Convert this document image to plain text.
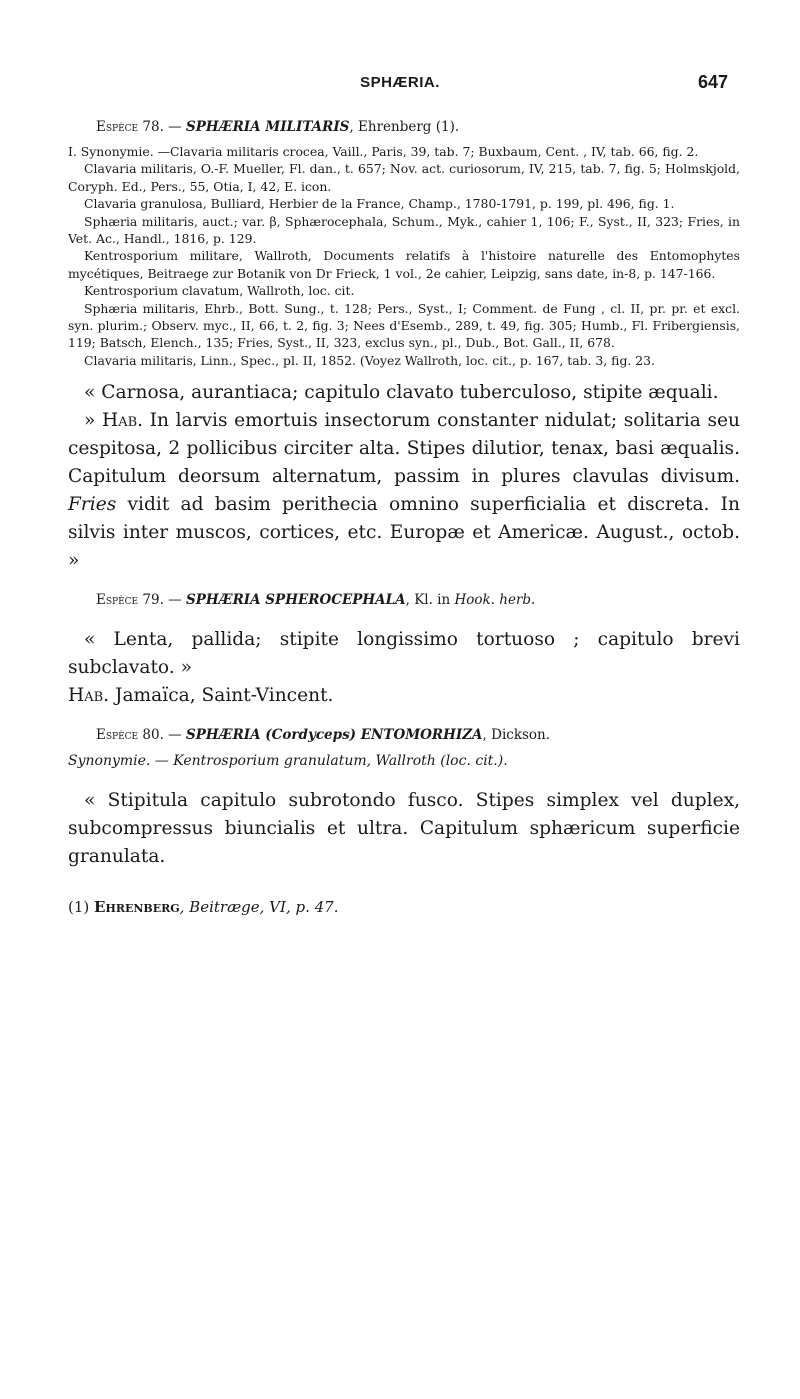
SPHÆRIA.	647

Espèce 78. — SPHÆRIA MILITARIS, Ehrenberg (1).

I. Synonymie. —Clavaria militaris crocea, Vaill., Paris, 39, tab. 7; Buxbaum, Cent. , IV, tab. 66, fig. 2.

Clavaria militaris, O.-F. Mueller, Fl. dan., t. 657; Nov. act. curiosorum, IV, 215, tab. 7, fig. 5; Holmskjold, Coryph. Ed., Pers., 55, Otia, I, 42, E. icon.

Clavaria granulosa, Bulliard, Herbier de la France, Champ., 1780-1791, p. 199, pl. 496, fig. 1.

Sphæria militaris, auct.; var. β, Sphærocephala, Schum., Myk., cahier 1, 106; F., Syst., II, 323; Fries, in Vet. Ac., Handl., 1816, p. 129.

Kentrosporium militare, Wallroth, Documents relatifs à l'histoire naturelle des Entomophytes mycétiques, Beitraege zur Botanik von Dr Frieck, 1 vol., 2e cahier, Leipzig, sans date, in-8, p. 147-166.

Kentrosporium clavatum, Wallroth, loc. cit.

Sphæria militaris, Ehrb., Bott. Sung., t. 128; Pers., Syst., I; Comment. de Fung , cl. II, pr. pr. et excl. syn. plurim.; Observ. myc., II, 66, t. 2, fig. 3; Nees d'Esemb., 289, t. 49, fig. 305; Humb., Fl. Fribergiensis, 119; Batsch, Elench., 135; Fries, Syst., II, 323, exclus syn., pl., Dub., Bot. Gall., II, 678.

Clavaria militaris, Linn., Spec., pl. II, 1852. (Voyez Wallroth, loc. cit., p. 167, tab. 3, fig. 23.

« Carnosa, aurantiaca; capitulo clavato tuberculoso, stipite æquali.

» Hab. In larvis emortuis insectorum constanter nidulat; solitaria seu cespitosa, 2 pollicibus circiter alta. Stipes dilutior, tenax, basi æqualis. Capitulum deorsum alternatum, passim in plures clavulas divisum. Fries vidit ad basim perithecia omnino superficialia et discreta. In silvis inter muscos, cortices, etc. Europæ et Americæ. August., octob. »

Espèce 79. — SPHÆRIA SPHEROCEPHALA, Kl. in Hook. herb.

« Lenta, pallida; stipite longissimo tortuoso ; capitulo brevi subclavato. »

Hab. Jamaïca, Saint-Vincent.

Espèce 80. — SPHÆRIA (Cordyceps) ENTOMORHIZA, Dickson.

Synonymie. — Kentrosporium granulatum, Wallroth (loc. cit.).

« Stipitula capitulo subrotondo fusco. Stipes simplex vel duplex, subcompressus biuncialis et ultra. Capitulum sphæricum superficie granulata.

(1) Ehrenberg, Beitræge, VI, p. 47.
